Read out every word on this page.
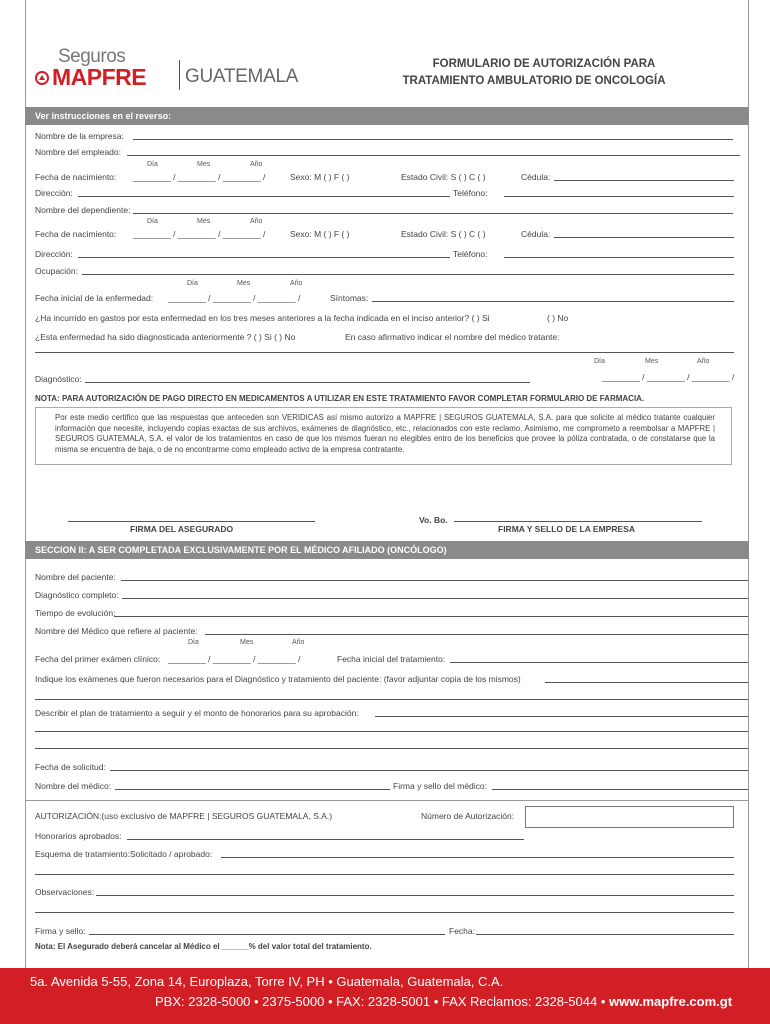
Seguros
MAPFRE GUATEMALA
FORMULARIO DE AUTORIZACIÓN PARA
TRATAMIENTO AMBULATORIO DE ONCOLOGÍA
Ver instrucciones en el reverso:
Nombre de la empresa:
Nombre del empleado:
Día	Mes	Año
Fecha de nacimiento: ________ / ________ / ________ /	Sexo: M ( ) F ( )	Estado Civil: S ( ) C ( )	Cédula:
Dirección:	Teléfono:
Nombre del dependiente:
Día	Mes	Año
Fecha de nacimiento: ________ / ________ / ________ /	Sexo: M ( ) F ( )	Estado Civil: S ( ) C ( )	Cédula:
Dirección:	Teléfono:
Ocupación:
Día	Mes	Año
Fecha inicial de la enfermedad: ________ / ________ / ________ /	Síntomas:
¿Ha incurrido en gastos por esta enfermedad en los tres meses anteriores a la fecha indicada en el inciso anterior? ( ) Si	( ) No
¿Esta enfermedad ha sido diagnosticada anteriormente ? ( ) Si ( ) No	En caso afirmativo indicar el nombre del médico tratante:
Día	Mes	Año
Diagnóstico:	________ / ________ / ________ /
NOTA: PARA AUTORIZACIÓN DE PAGO DIRECTO EN MEDICAMENTOS A UTILIZAR EN ESTE TRATAMIENTO FAVOR COMPLETAR FORMULARIO DE FARMACIA.
Por este medio certifico que las respuestas que anteceden son VERIDICAS así mismo autorizo a MAPFRE | SEGUROS GUATEMALA, S.A. para que solicite al médico tratante cualquier información que necesite, incluyendo copias exactas de sus archivos, exámenes de diagnóstico, etc., relacionados con este reclamo. Asimismo, me comprometo a reembolsar a MAPFRE | SEGUROS GUATEMALA, S.A. el valor de los tratamientos en caso de que los mismos fueran no elegibles entro de los beneficios que provee la póliza contratada, o de constatarse que la misma se encuentra de baja, o de no encontrarme como empleado activo de la empresa contratante.
FIRMA DEL ASEGURADO
Vo. Bo.
FIRMA Y SELLO DE LA EMPRESA
SECCION II: A SER COMPLETADA EXCLUSIVAMENTE POR EL MÉDICO AFILIADO (ONCÓLOGO)
Nombre del paciente:
Diagnóstico completo:
Tiempo de evolución:
Nombre del Médico que refiere al paciente:
Día	Mes	Año
Fecha del primer exámen clínico: ________ / ________ / ________ /	Fecha inicial del tratamiento:
Indique los exámenes que fueron necesarios para el Diagnóstico y tratamiento del paciente: (favor adjuntar copia de los mismos)
Describir el plan de tratamiento a seguir y el monto de honorarios para su aprobación:
Fecha de solicitud:
Nombre del médico:	Firma y sello del médico:
AUTORIZACIÓN:(uso exclusivo de MAPFRE | SEGUROS GUATEMALA, S.A.)	Número de Autorización:
Honorarios aprobados:
Esquema de tratamiento:Solicitado / aprobado:
Observaciones:
Firma y sello:	Fecha:
Nota: El Asegurado deberá cancelar al Médico el ______% del valor total del tratamiento.
5a. Avenida 5-55, Zona 14, Europlaza, Torre IV, PH • Guatemala, Guatemala, C.A.
PBX: 2328-5000 • 2375-5000 • FAX: 2328-5001 • FAX Reclamos: 2328-5044 • www.mapfre.com.gt
